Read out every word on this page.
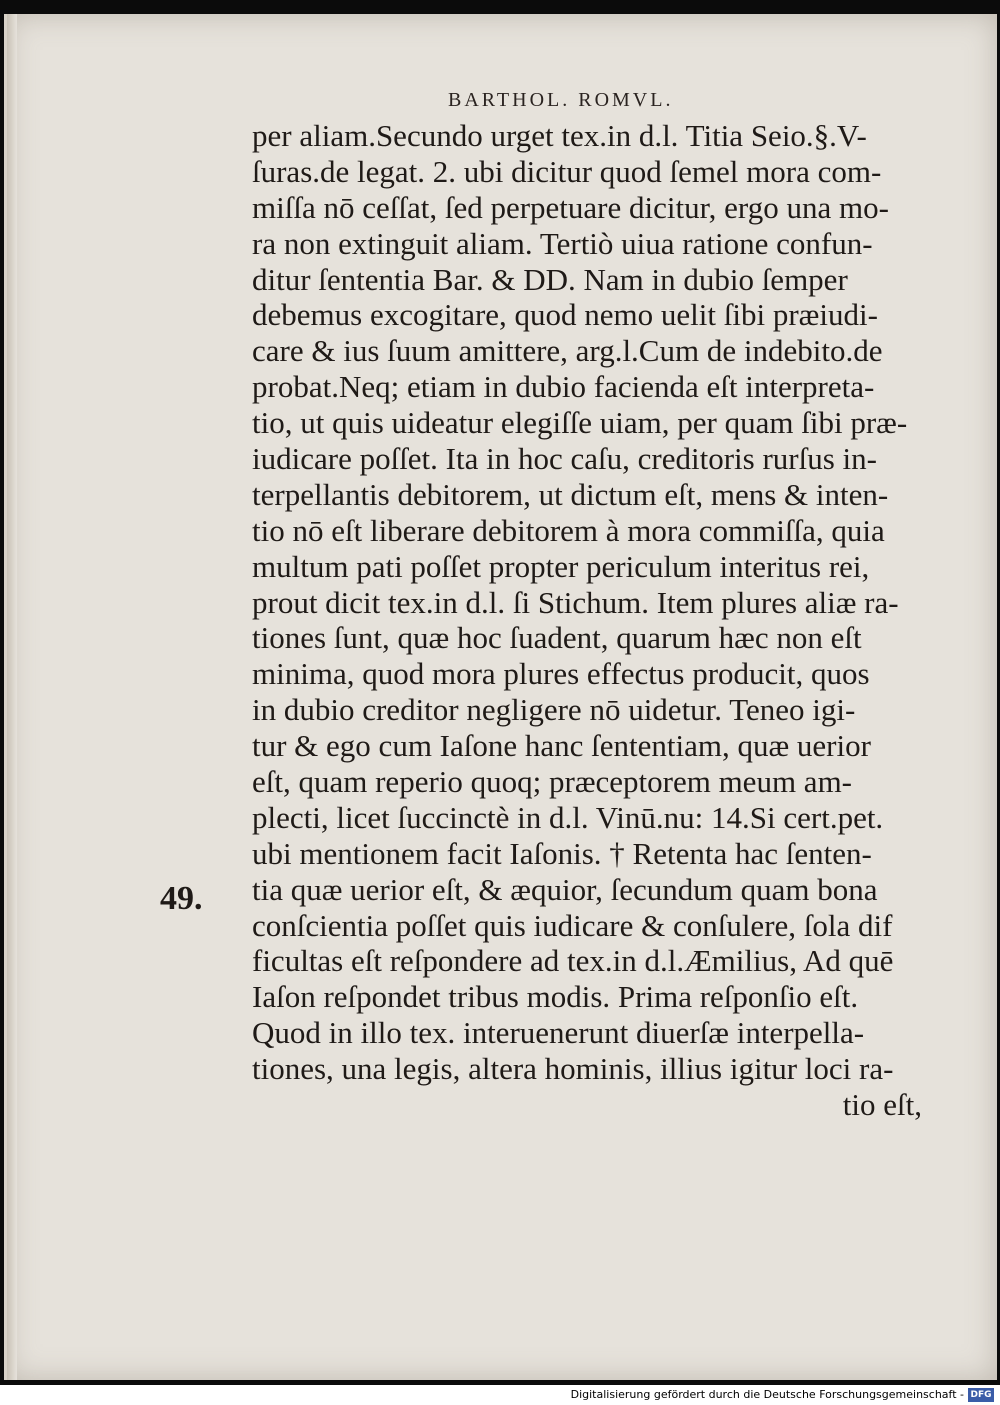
BARTHOL. ROMVL.
49.
per aliam.Secundo urget tex.in d.l. Titia Seio.§.V-
ſuras.de legat. 2. ubi dicitur quod ſemel mora com-
miſſa nō ceſſat, ſed perpetuare dicitur, ergo una mo-
ra non extinguit aliam. Tertiò uiua ratione confun-
ditur ſententia Bar. & DD. Nam in dubio ſemper
debemus excogitare, quod nemo uelit ſibi præiudi-
care & ius ſuum amittere, arg.l.Cum de indebito.de
probat.Neq; etiam in dubio facienda eſt interpreta-
tio, ut quis uideatur elegiſſe uiam, per quam ſibi præ-
iudicare poſſet. Ita in hoc caſu, creditoris rurſus in-
terpellantis debitorem, ut dictum eſt, mens & inten-
tio nō eſt liberare debitorem à mora commiſſa, quia
multum pati poſſet propter periculum interitus rei,
prout dicit tex.in d.l. ſi Stichum. Item plures aliæ ra-
tiones ſunt, quæ hoc ſuadent, quarum hæc non eſt
minima, quod mora plures effectus producit, quos
in dubio creditor negligere nō uidetur. Teneo igi-
tur & ego cum Iaſone hanc ſententiam, quæ uerior
eſt, quam reperio quoq; præceptorem meum am-
plecti, licet ſuccinctè in d.l. Vinū.nu: 14.Si cert.pet.
ubi mentionem facit Iaſonis. † Retenta hac ſenten-
tia quæ uerior eſt, & æquior, ſecundum quam bona
conſcientia poſſet quis iudicare & conſulere, ſola dif
ficultas eſt reſpondere ad tex.in d.l.Æmilius, Ad quē
Iaſon reſpondet tribus modis. Prima reſponſio eſt.
Quod in illo tex. interuenerunt diuerſæ interpella-
tiones, una legis, altera hominis, illius igitur loci ra-
tio eſt,
Digitalisierung gefördert durch die Deutsche Forschungsgemeinschaft - DFG
